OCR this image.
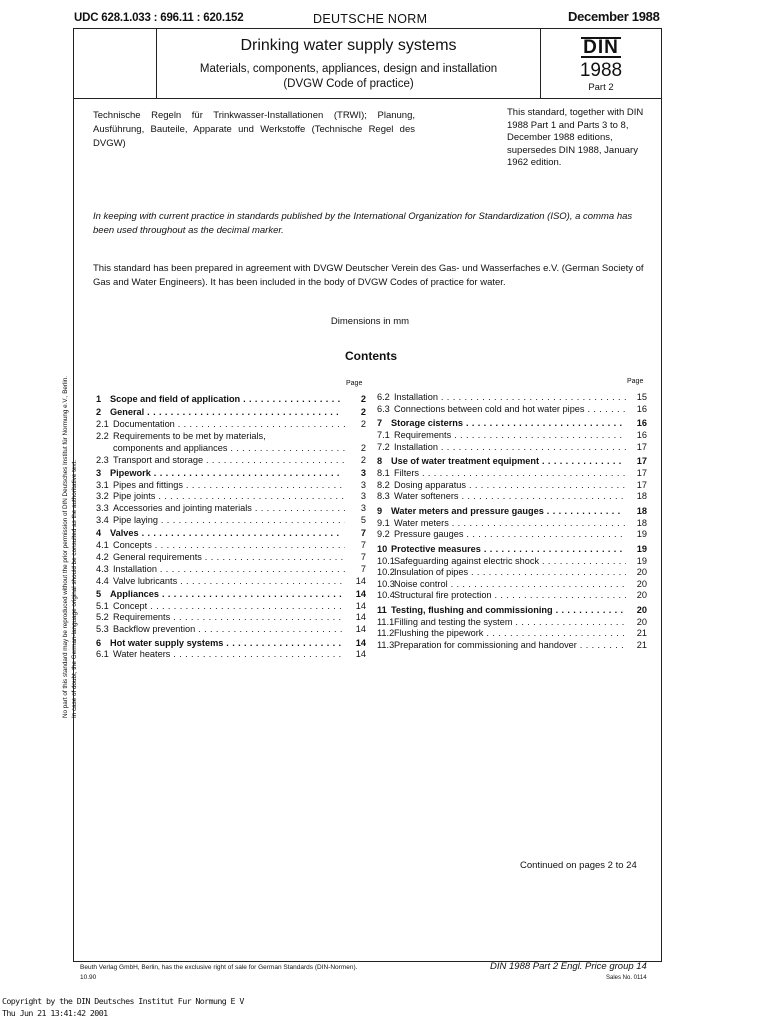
UDC 628.1.033 : 696.11 : 620.152	DEUTSCHE NORM	December 1988
Drinking water supply systems
Materials, components, appliances, design and installation
(DVGW Code of practice)
DIN
1988
Part 2
Technische Regeln für Trinkwasser-Installationen (TRWI); Planung, Ausführung, Bauteile, Apparate und Werkstoffe (Technische Regel des DVGW)
This standard, together with DIN 1988 Part 1 and Parts 3 to 8, December 1988 editions, supersedes DIN 1988, January 1962 edition.
In keeping with current practice in standards published by the International Organization for Standardization (ISO), a comma has been used throughout as the decimal marker.
This standard has been prepared in agreement with DVGW Deutscher Verein des Gas- und Wasserfaches e.V. (German Society of Gas and Water Engineers). It has been included in the body of DVGW Codes of practice for water.
Dimensions in mm
Contents
Page	Page
1 Scope and field of application . . .	2
2 General . . .	2
2.1 Documentation . . .	2
2.2 Requirements to be met by materials,
components and appliances . . .	2
2.3 Transport and storage . . .	2
3 Pipework . . .	3
3.1 Pipes and fittings . . .	3
3.2 Pipe joints . . .	3
3.3 Accessories and jointing materials . . .	3
3.4 Pipe laying . . .	5
4 Valves . . .	7
4.1 Concepts . . .	7
4.2 General requirements . . .	7
4.3 Installation . . .	7
4.4 Valve lubricants . . .	14
5 Appliances . . .	14
5.1 Concept . . .	14
5.2 Requirements . . .	14
5.3 Backflow prevention . . .	14
6 Hot water supply systems . . .	14
6.1 Water heaters . . .	14
6.2 Installation . . .	15
6.3 Connections between cold and hot water pipes . . .	16
7 Storage cisterns . . .	16
7.1 Requirements . . .	16
7.2 Installation . . .	17
8 Use of water treatment equipment . . .	17
8.1 Filters . . .	17
8.2 Dosing apparatus . . .	17
8.3 Water softeners . . .	18
9 Water meters and pressure gauges . . .	18
9.1 Water meters . . .	18
9.2 Pressure gauges . . .	19
10 Protective measures . . .	19
10.1 Safeguarding against electric shock . . .	19
10.2 Insulation of pipes . . .	20
10.3 Noise control . . .	20
10.4 Structural fire protection . . .	20
11 Testing, flushing and commissioning . . .	20
11.1 Filling and testing the system . . .	20
11.2 Flushing the pipework . . .	21
11.3 Preparation for commissioning and handover . . .	21
Continued on pages 2 to 24
Beuth Verlag GmbH, Berlin, has the exclusive right of sale for German Standards (DIN-Normen).
10.90
DIN 1988 Part 2 Engl. Price group 14
Sales No. 0114
No part of this standard may be reproduced without the prior permission of DIN Deutsches Institut für Normung e.V., Berlin. In case of doubt, the German-language original should be consulted as the authoritative text.
Copyright by the DIN Deutsches Institut Fur Normung E V
Thu Jun 21 13:41:42 2001
